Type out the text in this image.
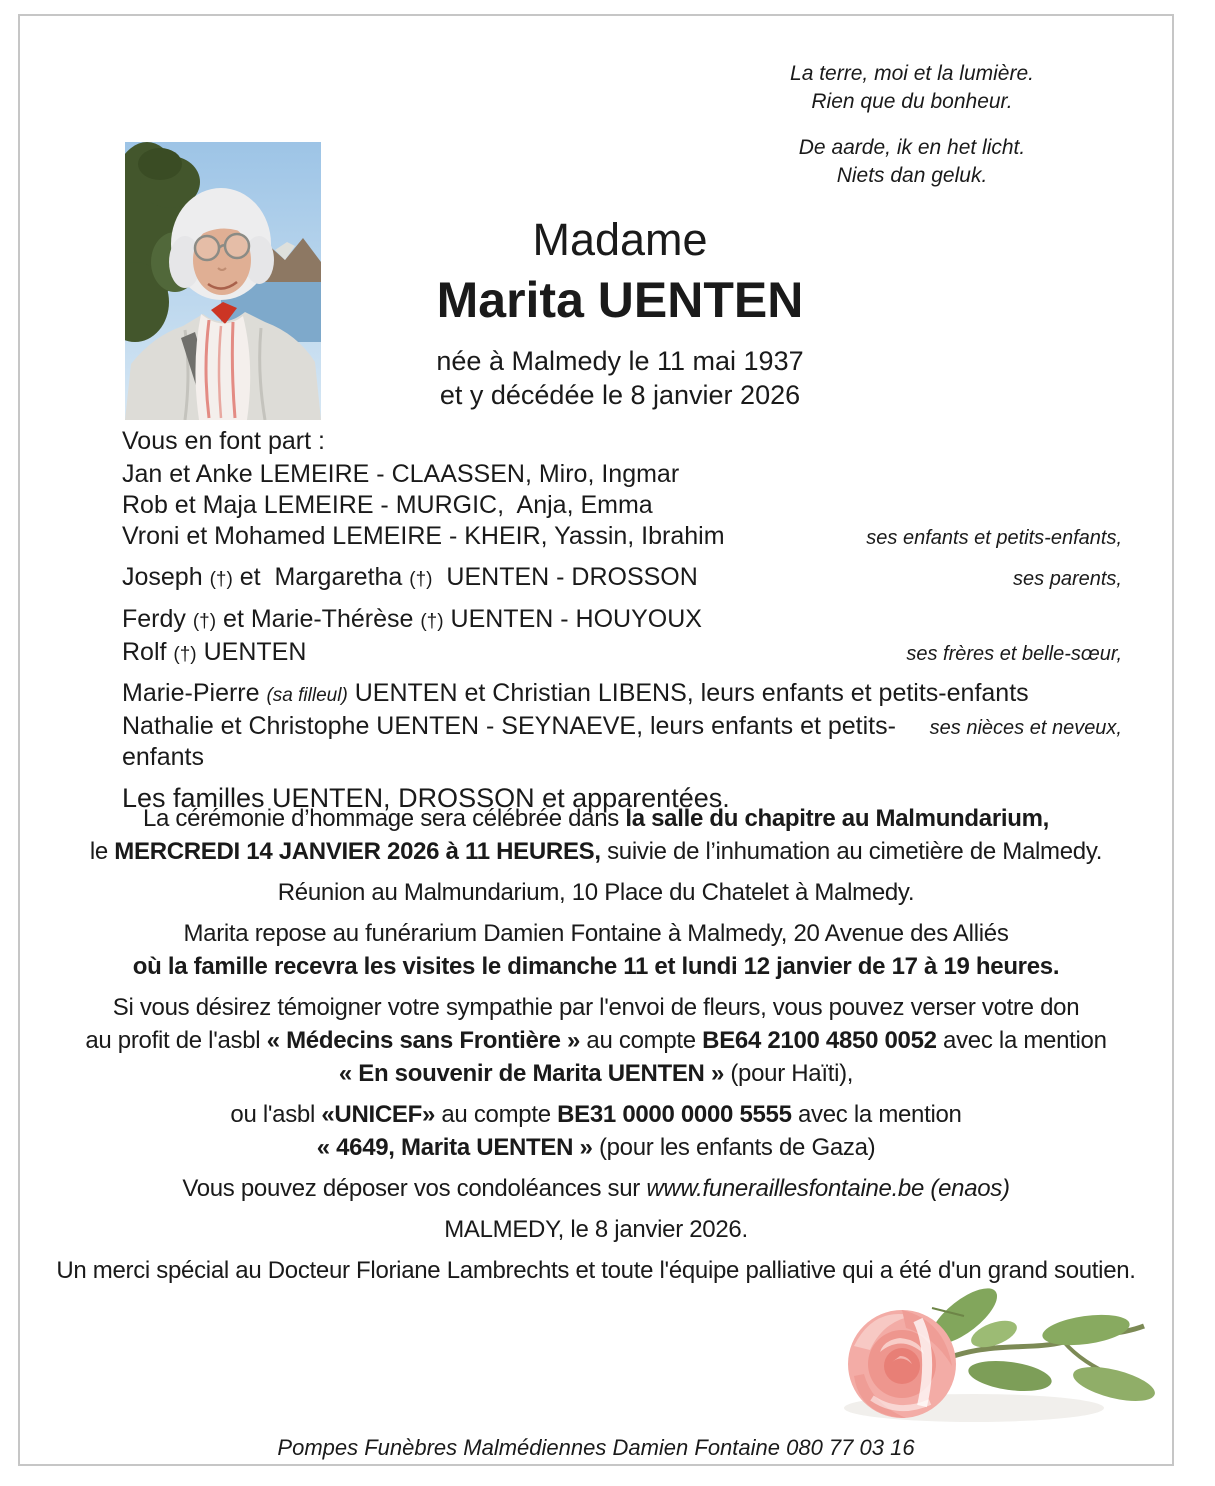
La terre, moi et la lumière.
Rien que du bonheur.
De aarde, ik en het licht.
Niets dan geluk.
Madame
Marita UENTEN
née à Malmedy le 11 mai 1937
et y décédée le 8 janvier 2026
Vous en font part :
Jan et Anke LEMEIRE - CLAASSEN, Miro, Ingmar
Rob et Maja LEMEIRE - MURGIC,  Anja, Emma
Vroni et Mohamed LEMEIRE - KHEIR, Yassin, Ibrahim	ses enfants et petits-enfants,
Joseph (†) et  Margaretha (†)  UENTEN - DROSSON	ses parents,
Ferdy (†) et Marie-Thérèse (†) UENTEN - HOUYOUX
Rolf (†) UENTEN	ses frères et belle-sœur,
Marie-Pierre (sa filleul) UENTEN et Christian LIBENS, leurs enfants et petits-enfants
Nathalie et Christophe UENTEN - SEYNAEVE, leurs enfants et petits-enfants
ses nièces et neveux,
Les familles UENTEN, DROSSON et apparentées.

La cérémonie d’hommage sera célébrée dans la salle du chapitre au Malmundarium,
le MERCREDI 14 JANVIER 2026 à 11 HEURES, suivie de l’inhumation au cimetière de Malmedy.

Réunion au Malmundarium, 10 Place du Chatelet à Malmedy.

Marita repose au funérarium Damien Fontaine à Malmedy, 20 Avenue des Alliés
où la famille recevra les visites le dimanche 11 et lundi 12 janvier de 17 à 19 heures.

Si vous désirez témoigner votre sympathie par l'envoi de fleurs, vous pouvez verser votre don
au profit de l'asbl « Médecins sans Frontière » au compte BE64 2100 4850 0052 avec la mention
« En souvenir de Marita UENTEN » (pour Haïti),

ou l'asbl «UNICEF» au compte BE31 0000 0000 5555 avec la mention
« 4649, Marita UENTEN » (pour les enfants de Gaza)

Vous pouvez déposer vos condoléances sur www.funeraillesfontaine.be (enaos)

MALMEDY, le 8 janvier 2026.

Un merci spécial au Docteur Floriane Lambrechts et toute l'équipe palliative qui a été d'un grand soutien.

Pompes Funèbres Malmédiennes Damien Fontaine 080 77 03 16
